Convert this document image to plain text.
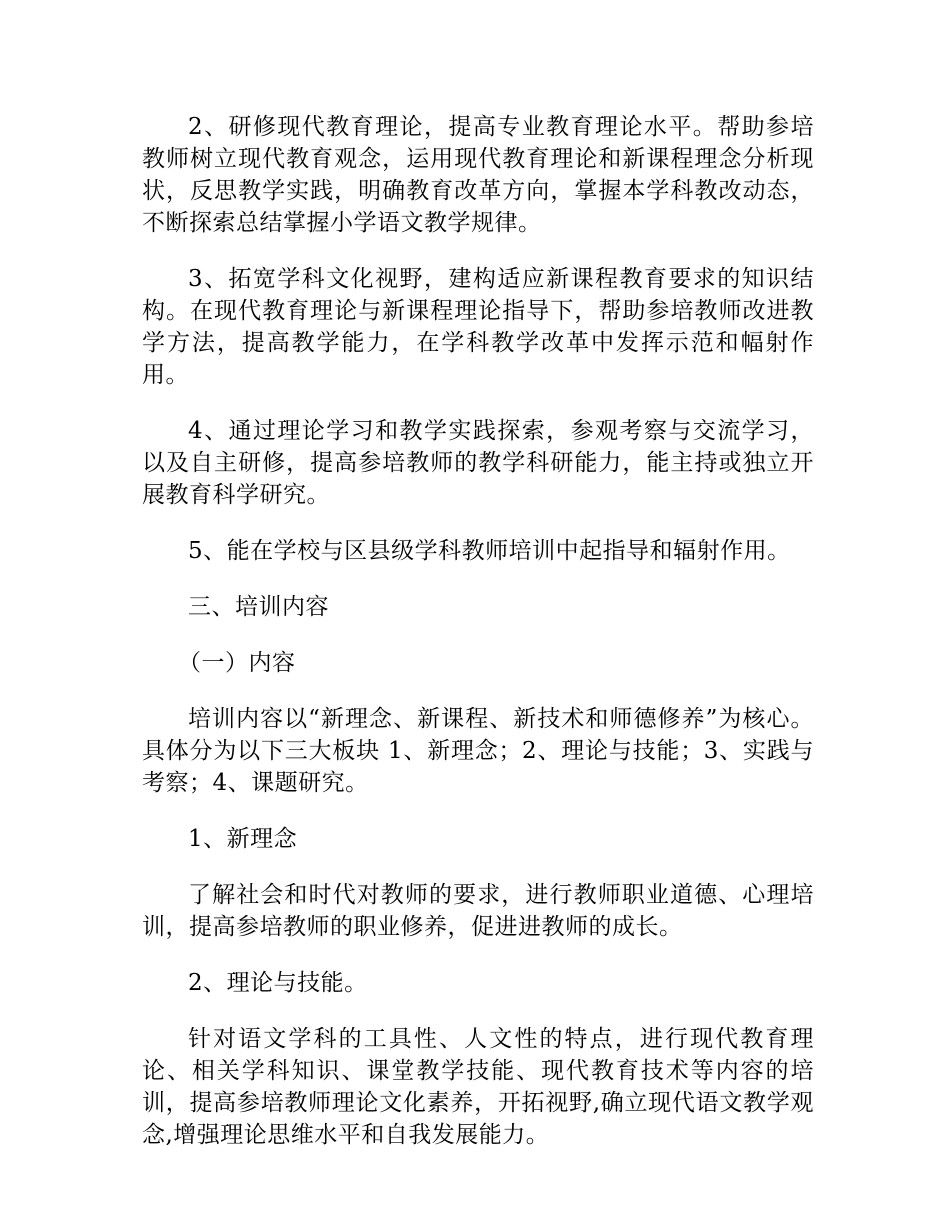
2、研修现代教育理论，提高专业教育理论水平。帮助参培教师树立现代教育观念，运用现代教育理论和新课程理念分析现状，反思教学实践，明确教育改革方向，掌握本学科教改动态，不断探索总结掌握小学语文教学规律。

3、拓宽学科文化视野，建构适应新课程教育要求的知识结构。在现代教育理论与新课程理论指导下，帮助参培教师改进教学方法，提高教学能力，在学科教学改革中发挥示范和幅射作用。

4、通过理论学习和教学实践探索，参观考察与交流学习，以及自主研修，提高参培教师的教学科研能力，能主持或独立开展教育科学研究。

5、能在学校与区县级学科教师培训中起指导和辐射作用。

三、培训内容

（一）内容

培训内容以“新理念、新课程、新技术和师德修养”为核心。具体分为以下三大板块 1、新理念；2、理论与技能；3、实践与考察；4、课题研究。

1、新理念

了解社会和时代对教师的要求，进行教师职业道德、心理培训，提高参培教师的职业修养，促进进教师的成长。

2、理论与技能。

针对语文学科的工具性、人文性的特点，进行现代教育理论、相关学科知识、课堂教学技能、现代教育技术等内容的培训，提高参培教师理论文化素养，开拓视野,确立现代语文教学观念,增强理论思维水平和自我发展能力。
